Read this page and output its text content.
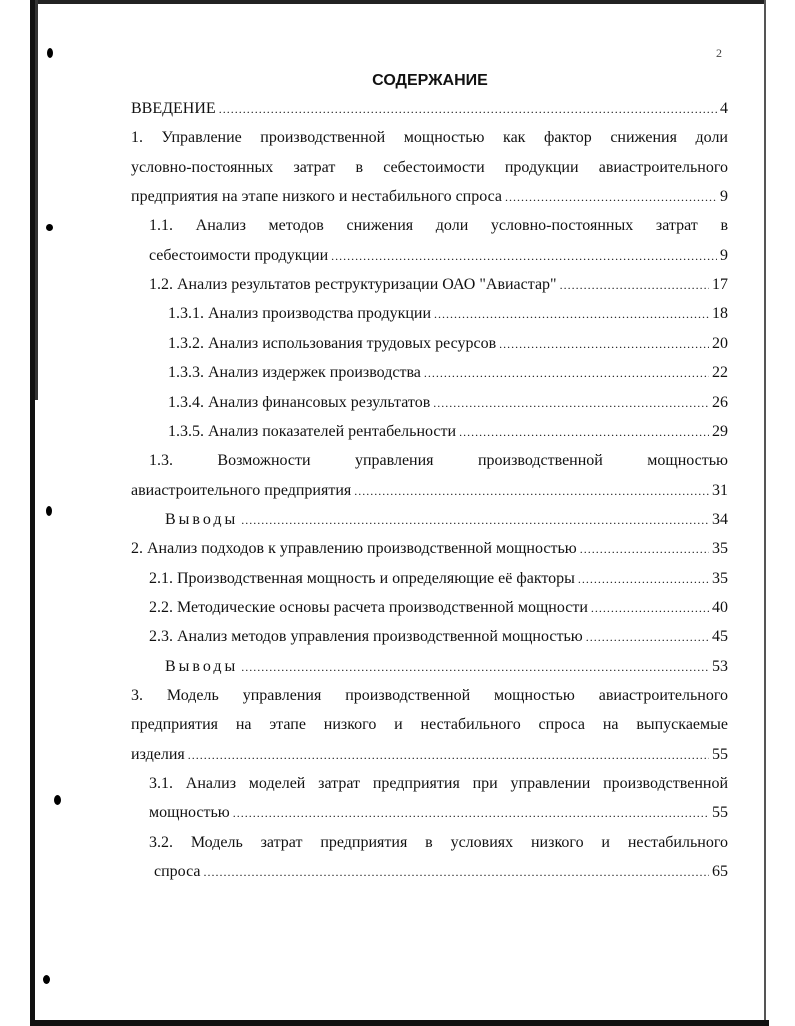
2
СОДЕРЖАНИЕ
ВВЕДЕНИЕ .....	4
1. Управление производственной мощностью как фактор снижения доли
условно-постоянных затрат в себестоимости продукции авиастроительного
предприятия на этапе низкого и нестабильного спроса .....	9
1.1. Анализ методов снижения доли условно-постоянных затрат в
себестоимости продукции .....	9
1.2. Анализ результатов реструктуризации ОАО "Авиастар" .....	17
1.3.1. Анализ производства продукции .....	18
1.3.2. Анализ использования трудовых ресурсов .....	20
1.3.3. Анализ издержек производства .....	22
1.3.4. Анализ финансовых результатов .....	26
1.3.5. Анализ показателей рентабельности .....	29
1.3. Возможности управления производственной мощностью
авиастроительного предприятия .....	31
Выводы .....	34
2. Анализ подходов к управлению производственной мощностью .....	35
2.1. Производственная мощность и определяющие её факторы .....	35
2.2. Методические основы расчета производственной мощности .....	40
2.3. Анализ методов управления производственной мощностью .....	45
Выводы .....	53
3. Модель управления производственной мощностью авиастроительного
предприятия на этапе низкого и нестабильного спроса на выпускаемые
изделия .....	55
3.1. Анализ моделей затрат предприятия при управлении производственной
мощностью .....	55
3.2. Модель затрат предприятия в условиях низкого и нестабильного
спроса .....	65
